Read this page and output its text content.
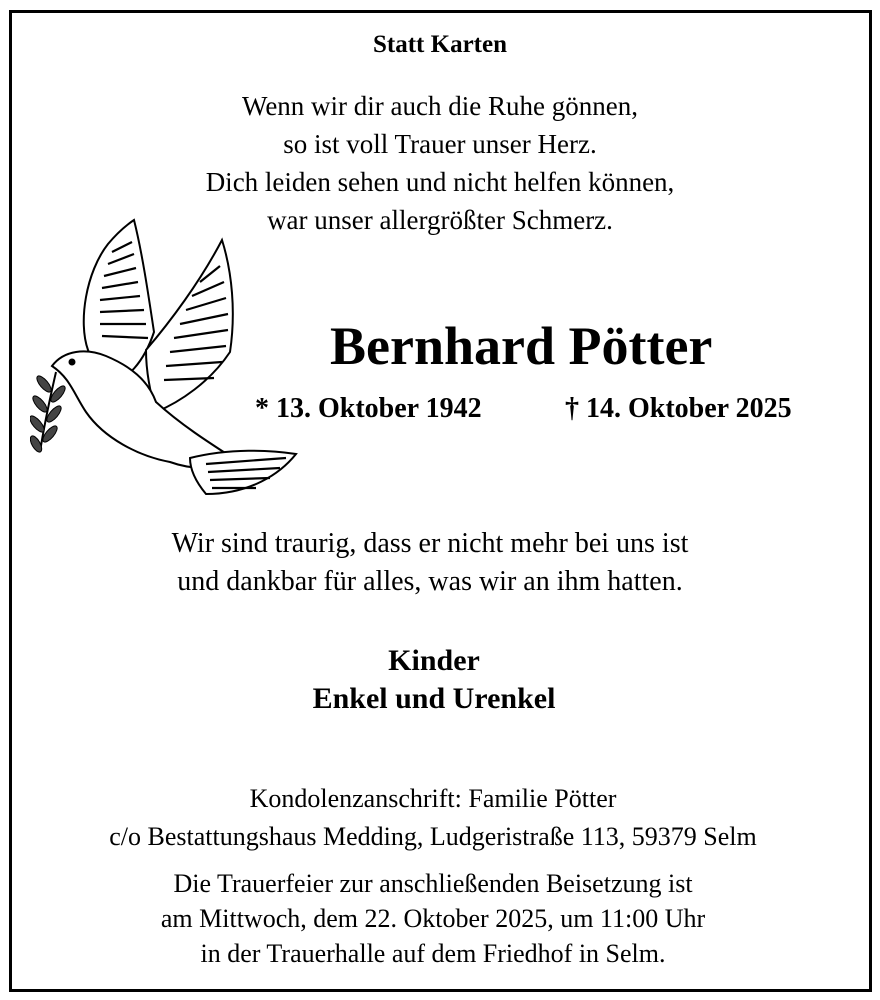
Statt Karten
Wenn wir dir auch die Ruhe gönnen,
so ist voll Trauer unser Herz.
Dich leiden sehen und nicht helfen können,
war unser allergrößter Schmerz.
Bernhard Pötter
* 13. Oktober 1942	† 14. Oktober 2025
Wir sind traurig, dass er nicht mehr bei uns ist
und dankbar für alles, was wir an ihm hatten.
Kinder
Enkel und Urenkel
Kondolenzanschrift: Familie Pötter
c/o Bestattungshaus Medding, Ludgeristraße 113, 59379 Selm
Die Trauerfeier zur anschließenden Beisetzung ist
am Mittwoch, dem 22. Oktober 2025, um 11:00 Uhr
in der Trauerhalle auf dem Friedhof in Selm.
